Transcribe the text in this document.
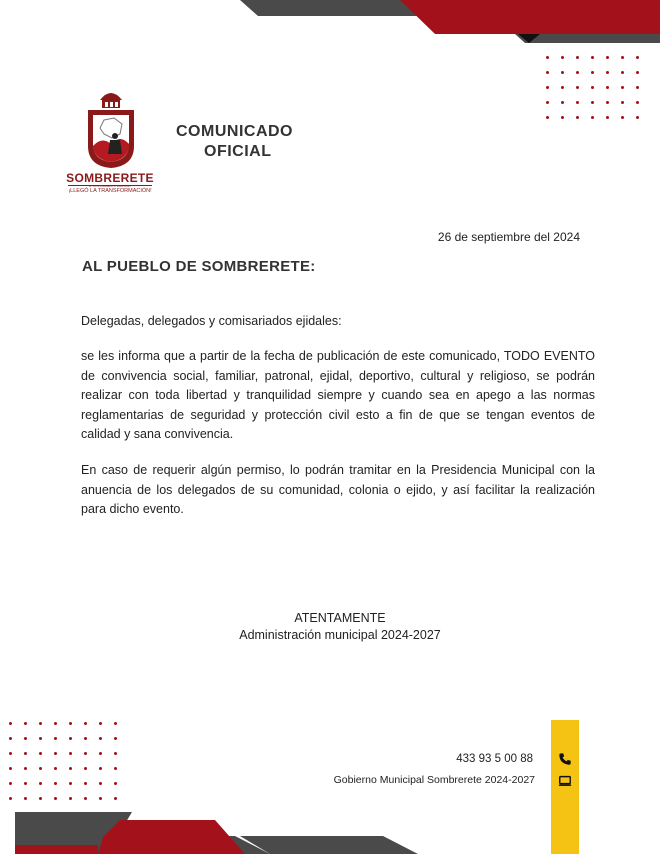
SOMBRERETE
H. AYUNTAMIENTO 2024-2027
¡LLEGÓ LA TRANSFORMACIÓN!
COMUNICADO
OFICIAL
26 de septiembre del 2024
AL PUEBLO DE SOMBRERETE:
Delegadas, delegados y comisariados ejidales:
se les informa que a partir de la fecha de publicación de este comunicado, TODO EVENTO de convivencia social, familiar, patronal, ejidal, deportivo, cultural y religioso, se podrán realizar con toda libertad y tranquilidad siempre y cuando sea en apego a las normas reglamentarias de seguridad y protección civil esto a fin de que se tengan eventos de calidad y sana convivencia.
En caso de requerir algún permiso, lo podrán tramitar en la Presidencia Municipal con la anuencia de los delegados de su comunidad, colonia o ejido, y así facilitar la realización para dicho evento.
ATENTAMENTE
Administración municipal 2024-2027
433 93 5 00 88
Gobierno Municipal Sombrerete 2024-2027
